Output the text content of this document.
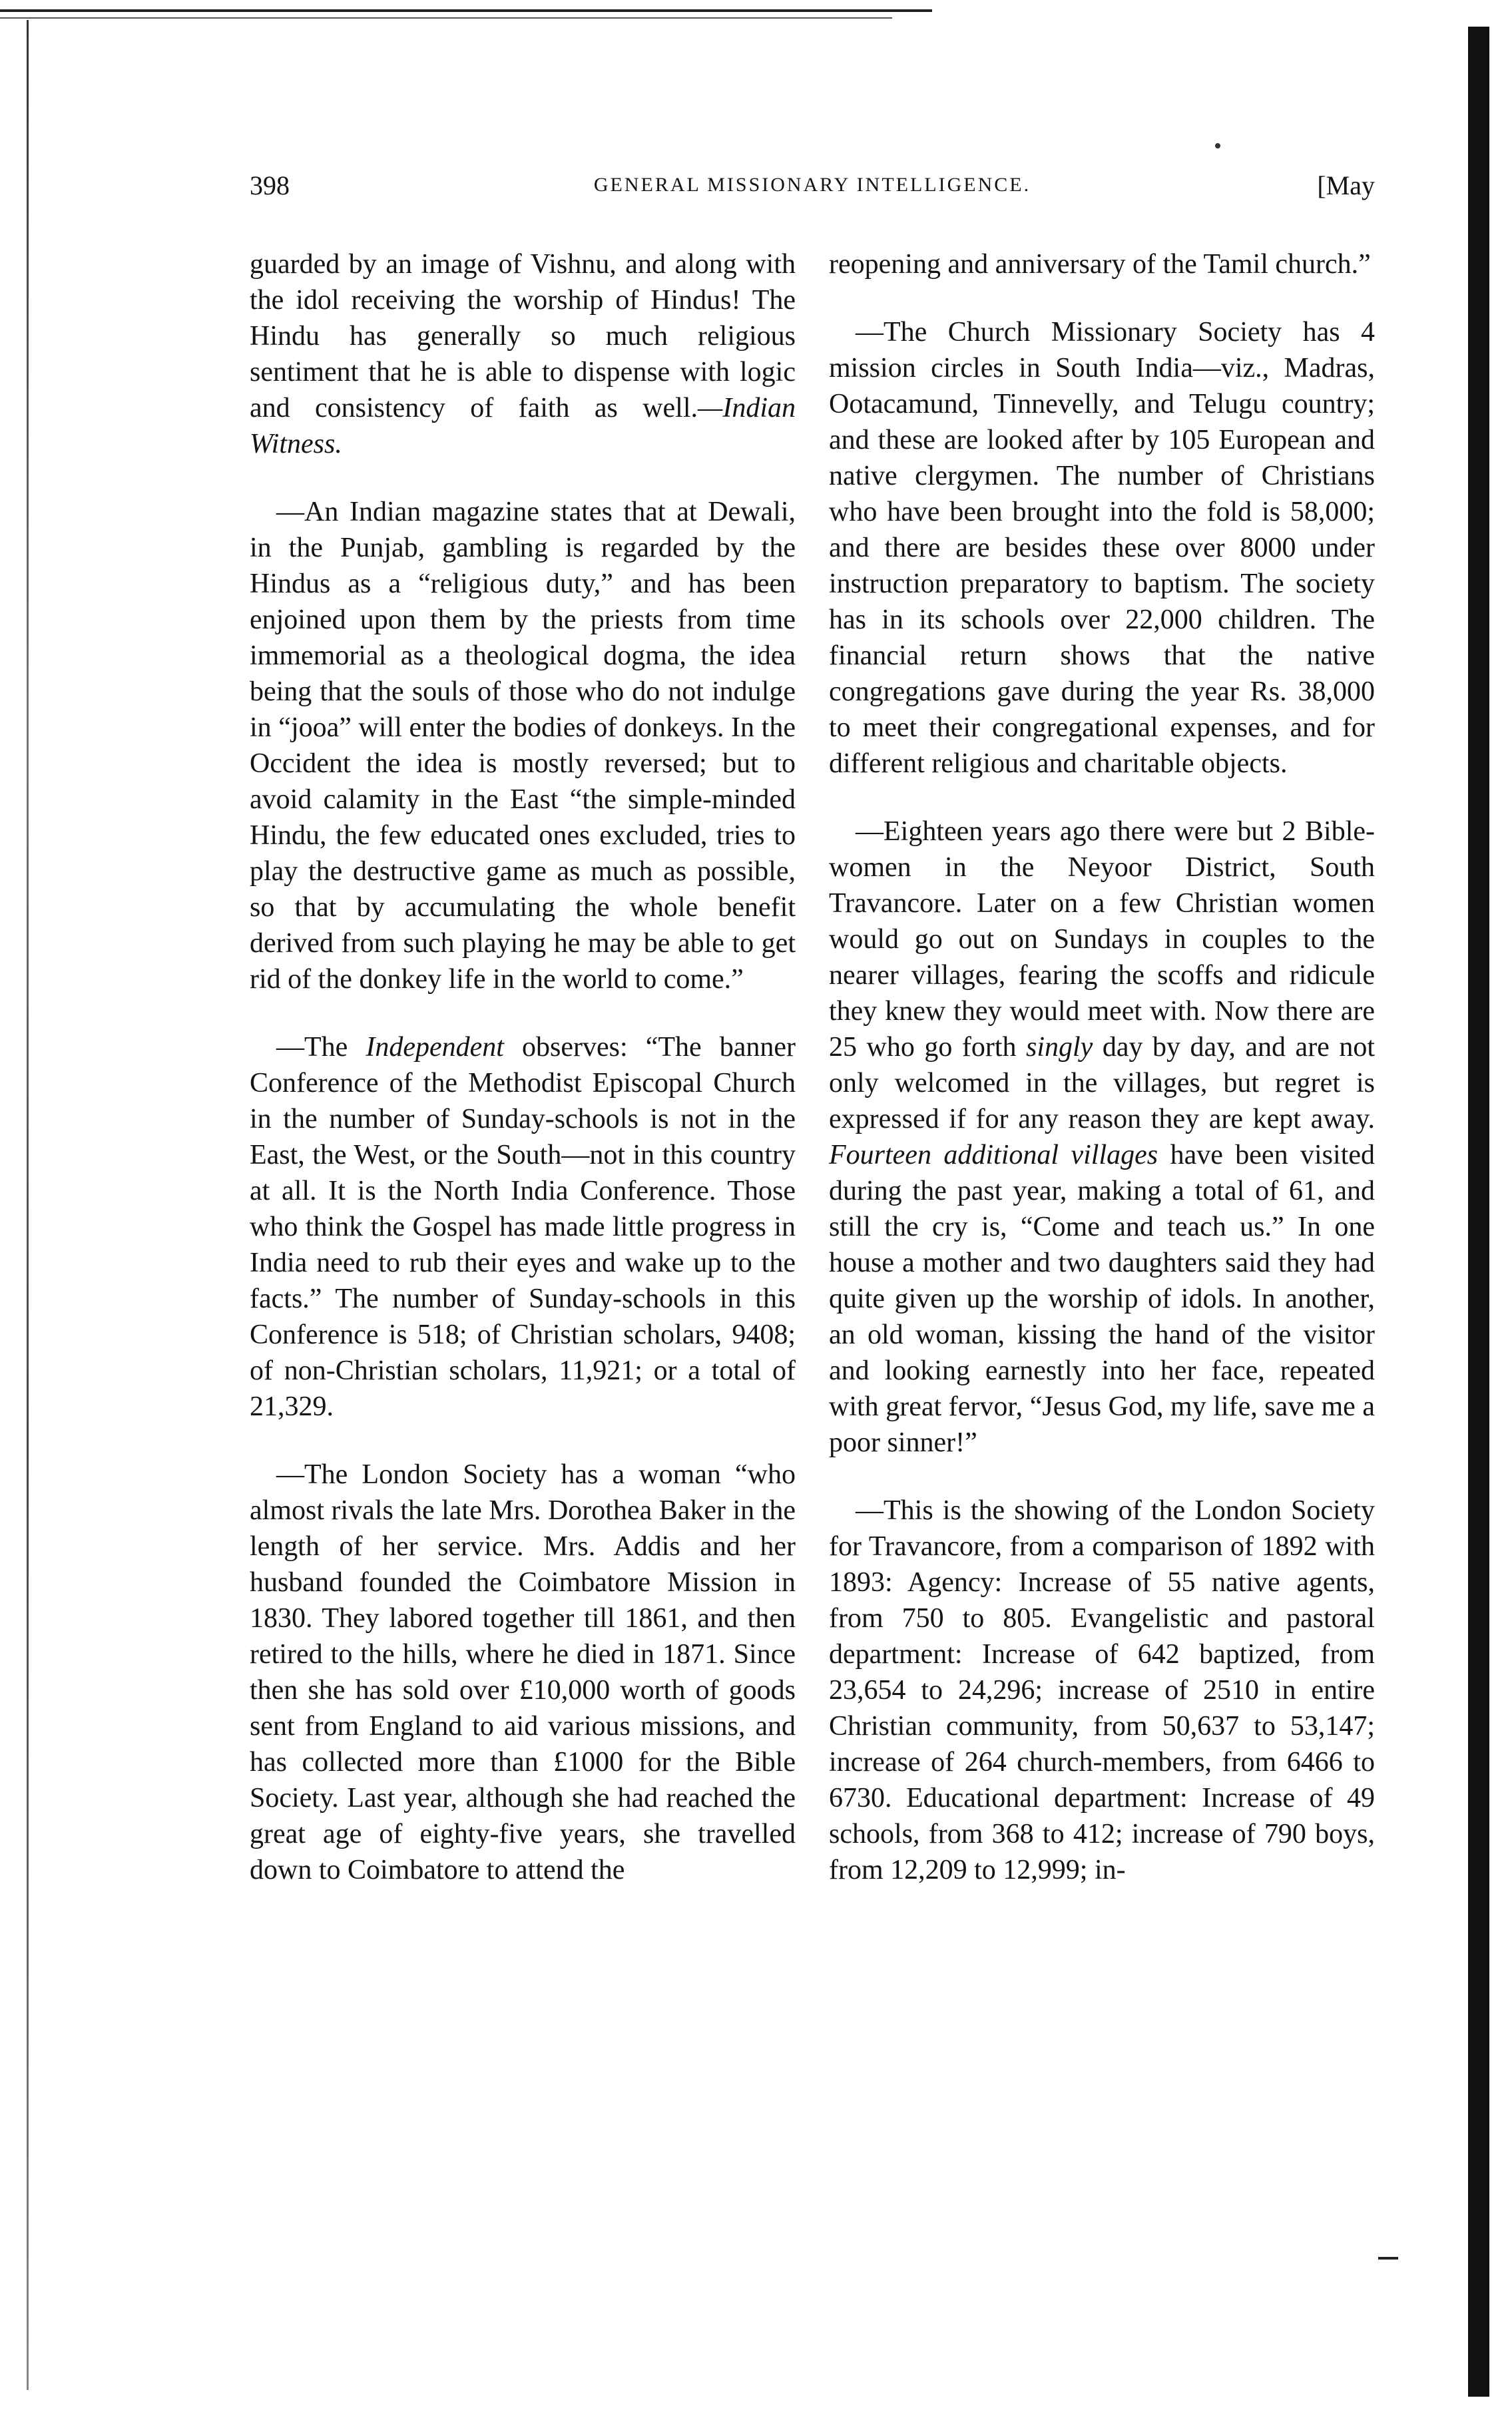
398	GENERAL MISSIONARY INTELLIGENCE.	[May

guarded by an image of Vishnu, and along with the idol receiving the worship of Hindus! The Hindu has generally so much religious sentiment that he is able to dispense with logic and consistency of faith as well.—Indian Witness.

—An Indian magazine states that at Dewali, in the Punjab, gambling is regarded by the Hindus as a “religious duty,” and has been enjoined upon them by the priests from time immemorial as a theological dogma, the idea being that the souls of those who do not indulge in “jooa” will enter the bodies of donkeys. In the Occident the idea is mostly reversed; but to avoid calamity in the East “the simple-minded Hindu, the few educated ones excluded, tries to play the destructive game as much as possible, so that by accumulating the whole benefit derived from such playing he may be able to get rid of the donkey life in the world to come.”

—The Independent observes: “The banner Conference of the Methodist Episcopal Church in the number of Sunday-schools is not in the East, the West, or the South—not in this country at all. It is the North India Conference. Those who think the Gospel has made little progress in India need to rub their eyes and wake up to the facts.” The number of Sunday-schools in this Conference is 518; of Christian scholars, 9408; of non-Christian scholars, 11,921; or a total of 21,329.

—The London Society has a woman “who almost rivals the late Mrs. Dorothea Baker in the length of her service. Mrs. Addis and her husband founded the Coimbatore Mission in 1830. They labored together till 1861, and then retired to the hills, where he died in 1871. Since then she has sold over £10,000 worth of goods sent from England to aid various missions, and has collected more than £1000 for the Bible Society. Last year, although she had reached the great age of eighty-five years, she travelled down to Coimbatore to attend the

reopening and anniversary of the Tamil church.”

—The Church Missionary Society has 4 mission circles in South India—viz., Madras, Ootacamund, Tinnevelly, and Telugu country; and these are looked after by 105 European and native clergymen. The number of Christians who have been brought into the fold is 58,000; and there are besides these over 8000 under instruction preparatory to baptism. The society has in its schools over 22,000 children. The financial return shows that the native congregations gave during the year Rs. 38,000 to meet their congregational expenses, and for different religious and charitable objects.

—Eighteen years ago there were but 2 Bible-women in the Neyoor District, South Travancore. Later on a few Christian women would go out on Sundays in couples to the nearer villages, fearing the scoffs and ridicule they knew they would meet with. Now there are 25 who go forth singly day by day, and are not only welcomed in the villages, but regret is expressed if for any reason they are kept away. Fourteen additional villages have been visited during the past year, making a total of 61, and still the cry is, “Come and teach us.” In one house a mother and two daughters said they had quite given up the worship of idols. In another, an old woman, kissing the hand of the visitor and looking earnestly into her face, repeated with great fervor, “Jesus God, my life, save me a poor sinner!”

—This is the showing of the London Society for Travancore, from a comparison of 1892 with 1893: Agency: Increase of 55 native agents, from 750 to 805. Evangelistic and pastoral department: Increase of 642 baptized, from 23,654 to 24,296; increase of 2510 in entire Christian community, from 50,637 to 53,147; increase of 264 church-members, from 6466 to 6730. Educational department: Increase of 49 schools, from 368 to 412; increase of 790 boys, from 12,209 to 12,999; in-
